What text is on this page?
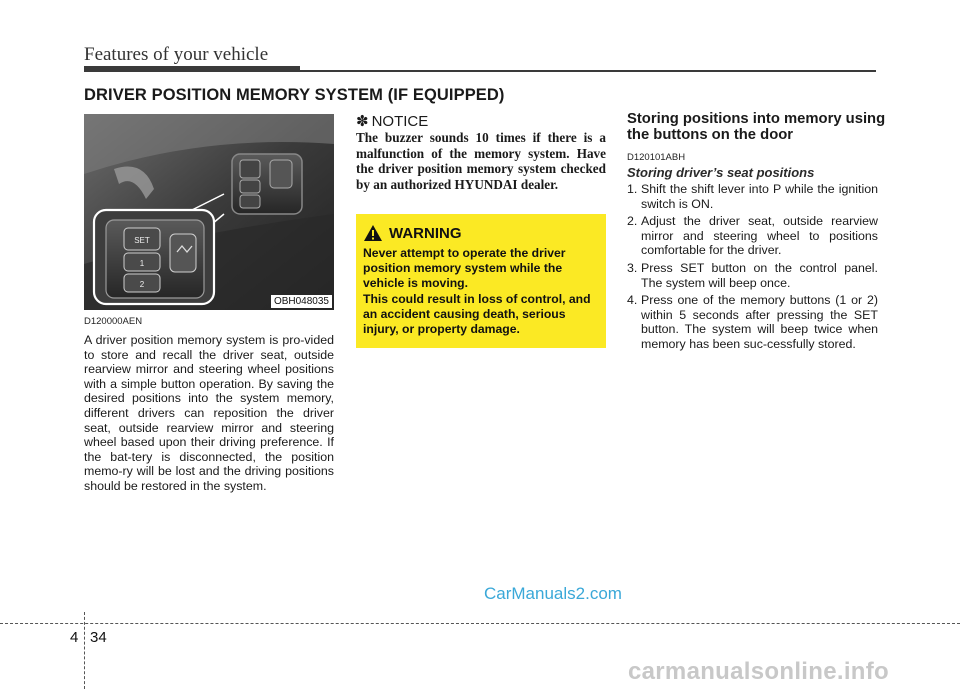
Features of your vehicle
DRIVER POSITION MEMORY SYSTEM (IF EQUIPPED)
SET
1
2
OBH048035
D120000AEN
A driver position memory system is pro-vided to store and recall the driver seat, outside rearview mirror and steering wheel positions with a simple button operation. By saving the desired positions into the system memory, different drivers can reposition the driver seat, outside rearview mirror and steering wheel based upon their driving preference. If the bat-tery is disconnected, the position memo-ry will be lost and the driving positions should be restored in the system.
✽ NOTICE
The buzzer sounds 10 times if there is a malfunction of the memory system. Have the driver position memory system checked by an authorized HYUNDAI dealer.
WARNING

Never attempt to operate the driver position memory system while the vehicle is moving.

This could result in loss of control, and an accident causing death, serious injury, or property damage.

Storing positions into memory using the buttons on the door
D120101ABH
Storing driver’s seat positions
1. Shift the shift lever into P while the ignition switch is ON.
2. Adjust the driver seat, outside rearview mirror and steering wheel to positions comfortable for the driver.
3. Press SET button on the control panel. The system will beep once.
4. Press one of the memory buttons (1 or 2) within 5 seconds after pressing the SET button. The system will beep twice when memory has been suc-cessfully stored.
4 34
CarManuals2.com
carmanualsonline.info
